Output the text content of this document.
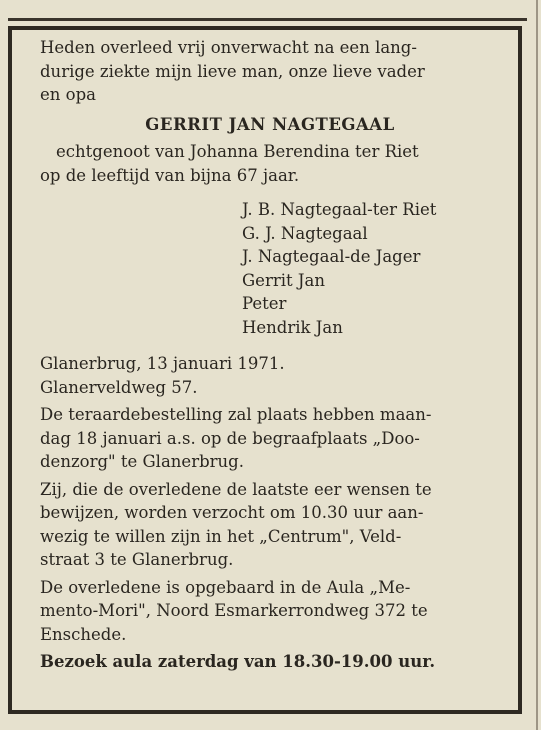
Heden overleed vrij onverwacht na een lang-

durige ziekte mijn lieve man, onze lieve vader

en opa

GERRIT JAN NAGTEGAAL

echtgenoot van Johanna Berendina ter Riet

op de leeftijd van bijna 67 jaar.

J. B. Nagtegaal-ter Riet

G. J. Nagtegaal

J. Nagtegaal-de Jager

Gerrit Jan

Peter

Hendrik Jan

Glanerbrug, 13 januari 1971.

Glanerveldweg 57.

De teraardebestelling zal plaats hebben maan-

dag 18 januari a.s. op de begraafplaats „Doo-

denzorg" te Glanerbrug.

Zij, die de overledene de laatste eer wensen te

bewijzen, worden verzocht om 10.30 uur aan-

wezig te willen zijn in het „Centrum", Veld-

straat 3 te Glanerbrug.

De overledene is opgebaard in de Aula „Me-

mento-Mori", Noord Esmarkerrondweg 372 te

Enschede.

Bezoek aula zaterdag van 18.30-19.00 uur.
